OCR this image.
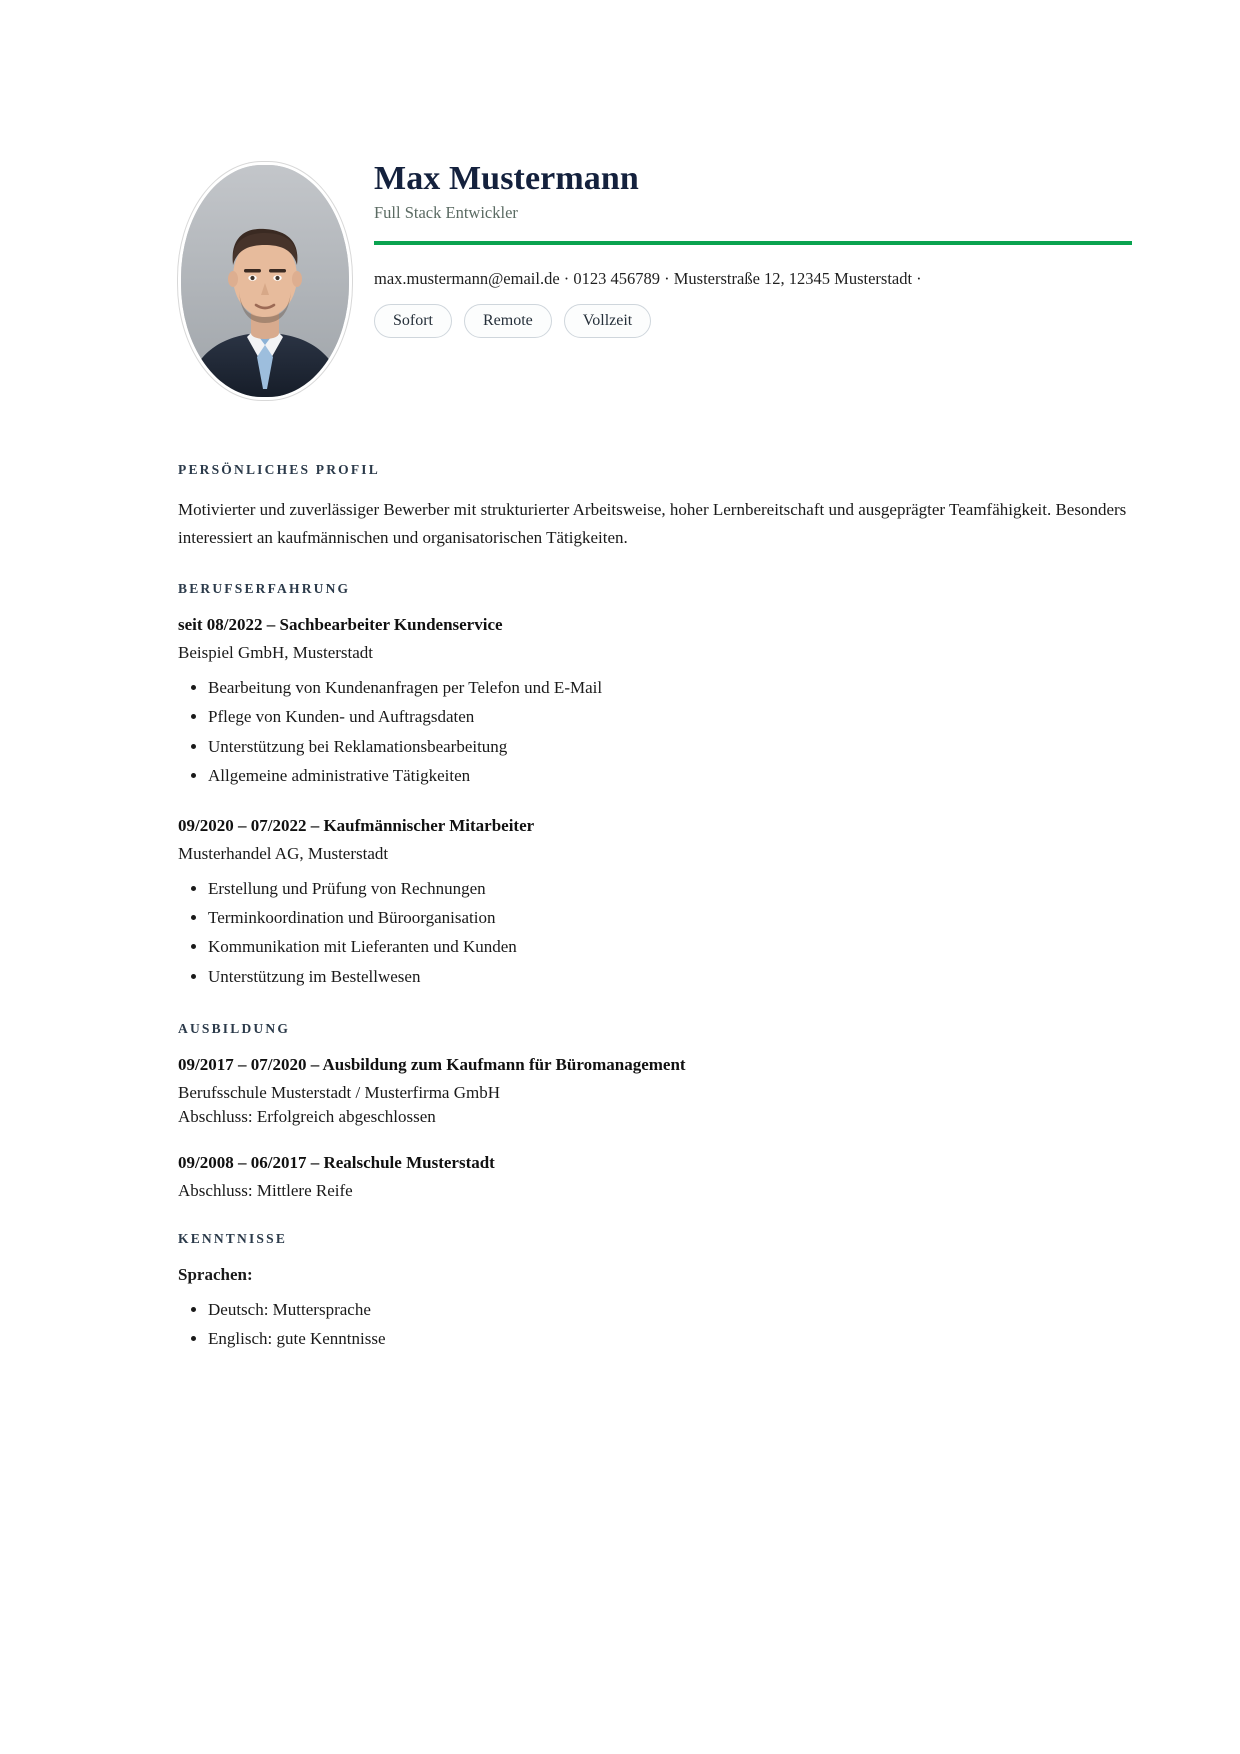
Max Mustermann
Full Stack Entwickler
max.mustermann@email.de · 0123 456789 · Musterstraße 12, 12345 Musterstadt ·
Sofort	Remote	Vollzeit
PERSÖNLICHES PROFIL

Motivierter und zuverlässiger Bewerber mit strukturierter Arbeitsweise, hoher Lernbereitschaft und ausgeprägter Teamfähigkeit. Besonders interessiert an kaufmännischen und organisatorischen Tätigkeiten.

BERUFSERFAHRUNG
seit 08/2022 – Sachbearbeiter Kundenservice
Beispiel GmbH, Musterstadt
• Bearbeitung von Kundenanfragen per Telefon und E-Mail
• Pflege von Kunden- und Auftragsdaten
• Unterstützung bei Reklamationsbearbeitung
• Allgemeine administrative Tätigkeiten
09/2020 – 07/2022 – Kaufmännischer Mitarbeiter
Musterhandel AG, Musterstadt
• Erstellung und Prüfung von Rechnungen
• Terminkoordination und Büroorganisation
• Kommunikation mit Lieferanten und Kunden
• Unterstützung im Bestellwesen
AUSBILDUNG
09/2017 – 07/2020 – Ausbildung zum Kaufmann für Büromanagement
Berufsschule Musterstadt / Musterfirma GmbH
Abschluss: Erfolgreich abgeschlossen
09/2008 – 06/2017 – Realschule Musterstadt
Abschluss: Mittlere Reife
KENNTNISSE
Sprachen:
• Deutsch: Muttersprache
• Englisch: gute Kenntnisse
